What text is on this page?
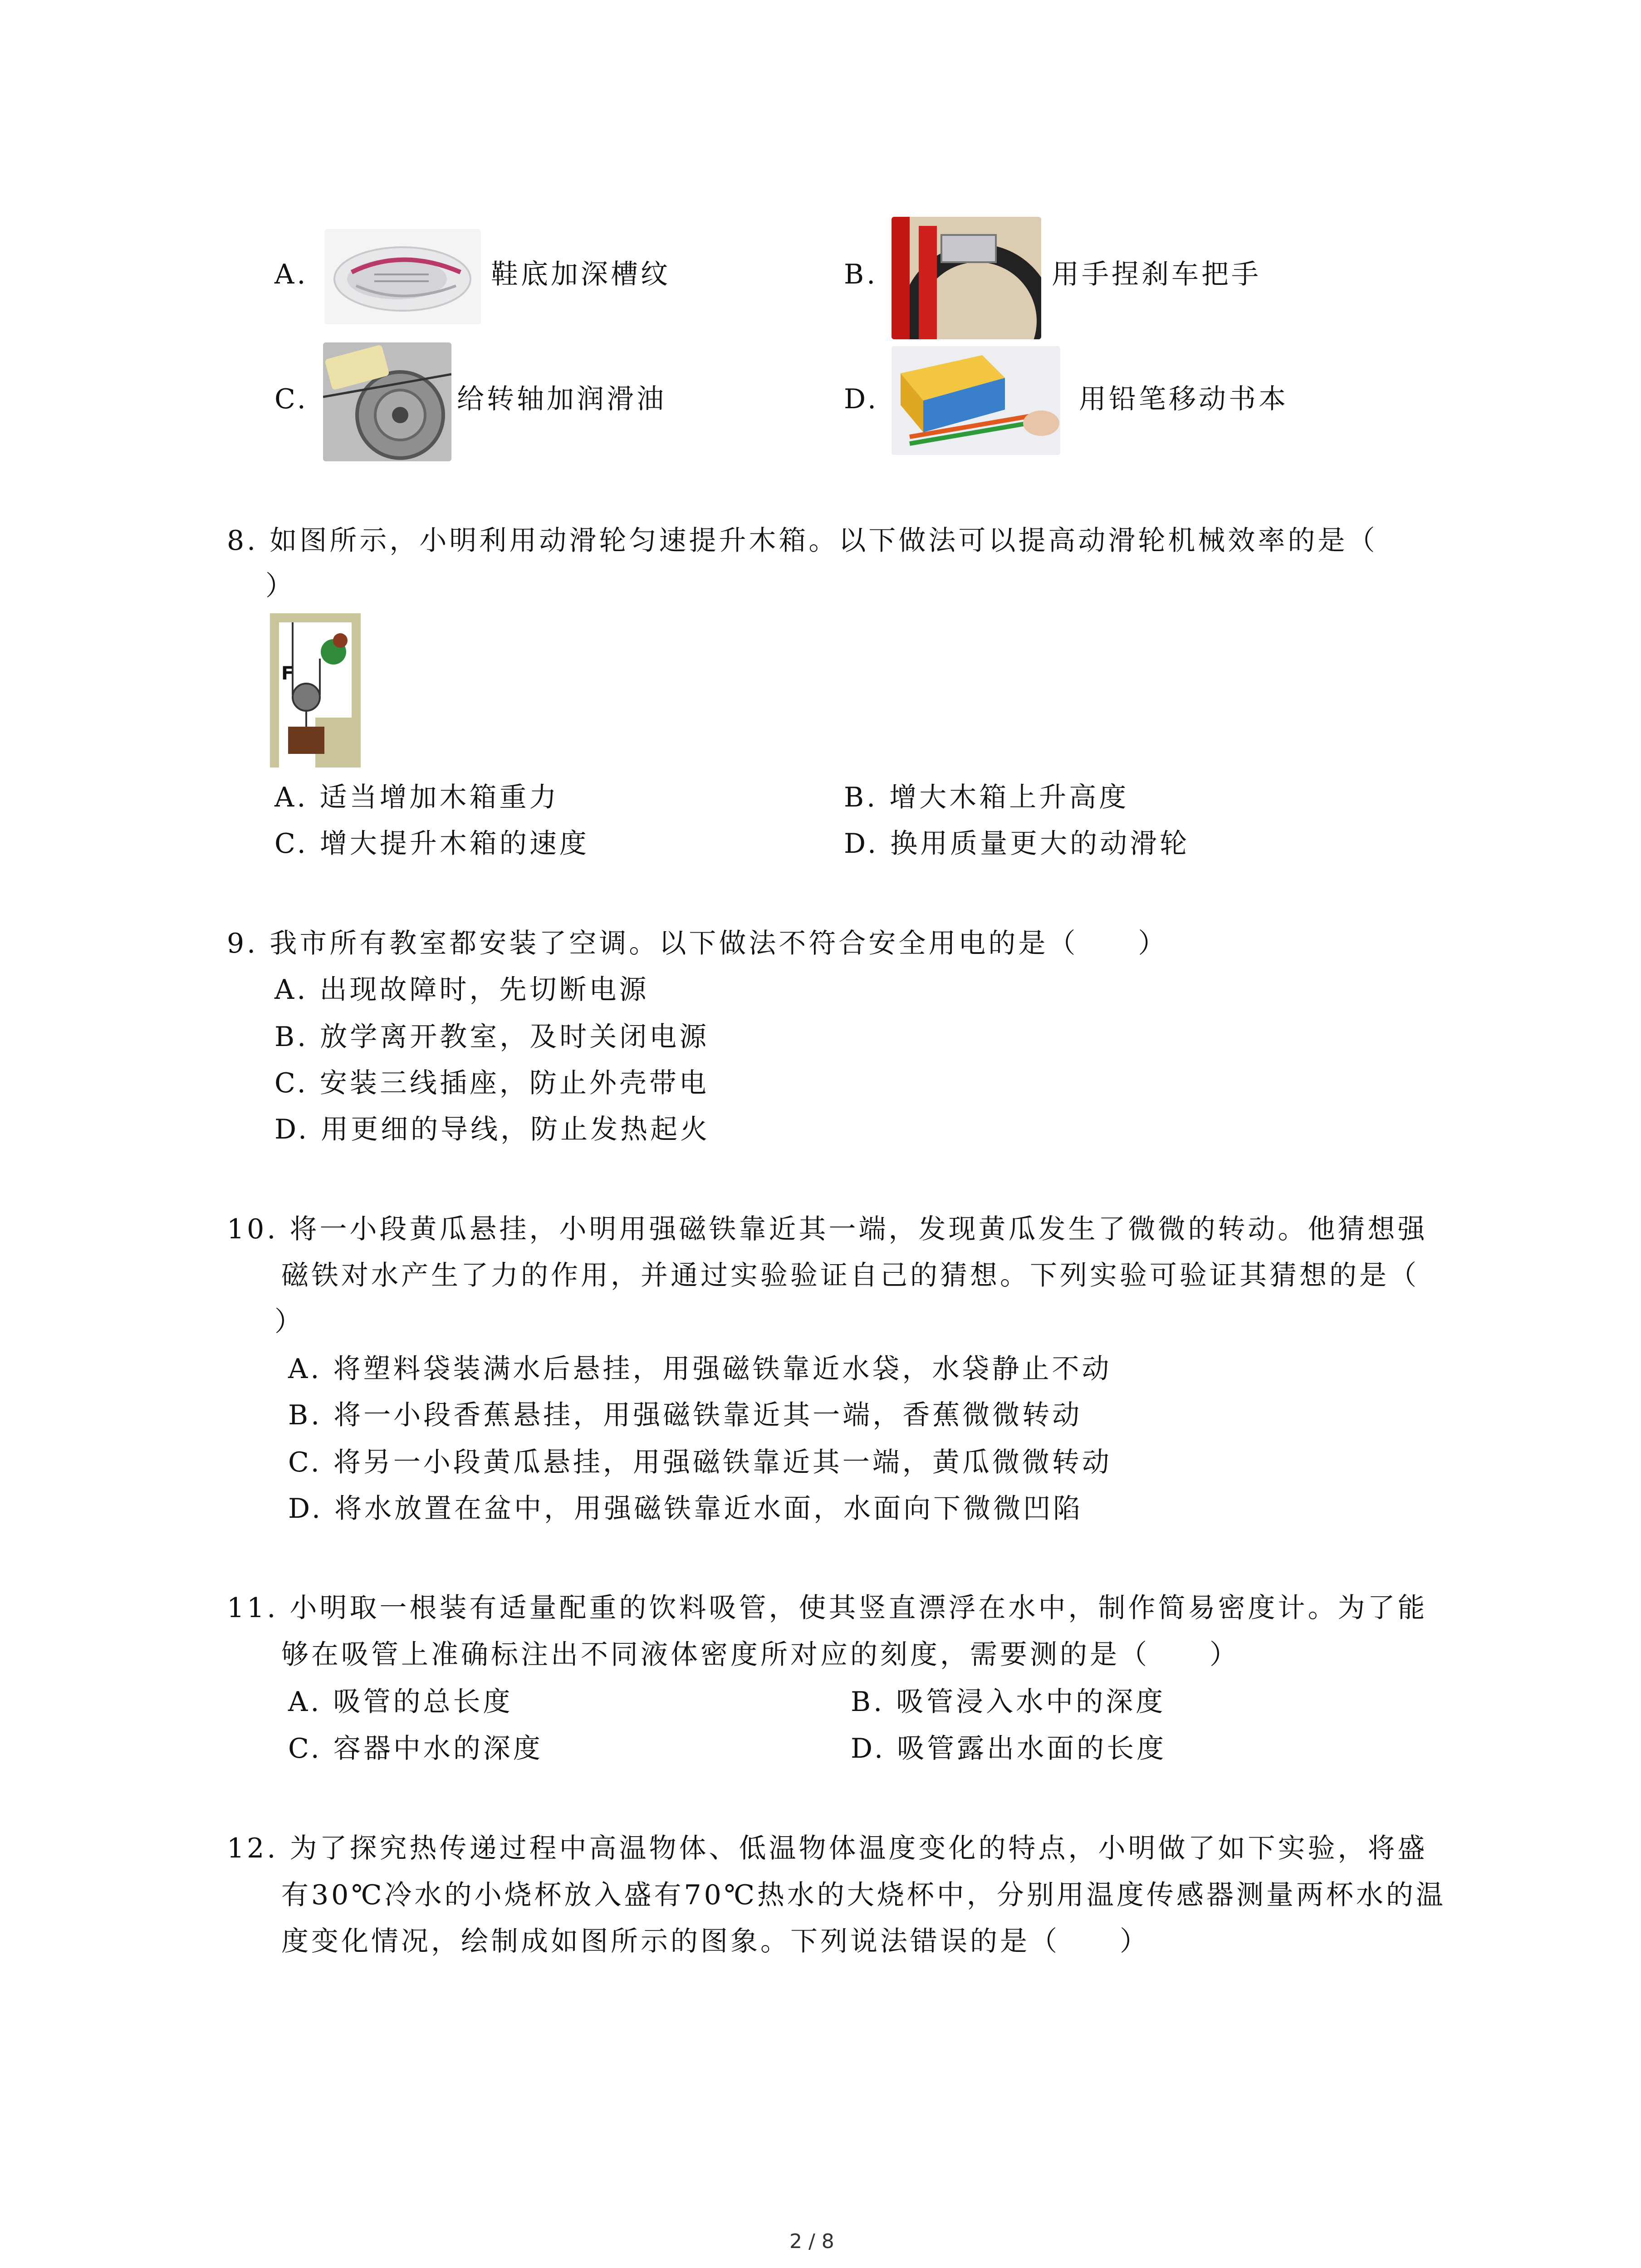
A.	鞋底加深槽纹	B.	用手捏刹车把手
C.	给转轴加润滑油	D.	用铅笔移动书本
8. 如图所示，小明利用动滑轮匀速提升木箱。以下做法可以提高动滑轮机械效率的是（
）
F
A. 适当增加木箱重力	B. 增大木箱上升高度
C. 增大提升木箱的速度	D. 换用质量更大的动滑轮
9. 我市所有教室都安装了空调。以下做法不符合安全用电的是（　　）
A. 出现故障时，先切断电源
B. 放学离开教室，及时关闭电源
C. 安装三线插座，防止外壳带电
D. 用更细的导线，防止发热起火
10. 将一小段黄瓜悬挂，小明用强磁铁靠近其一端，发现黄瓜发生了微微的转动。他猜想强
磁铁对水产生了力的作用，并通过实验验证自己的猜想。下列实验可验证其猜想的是（
）
A. 将塑料袋装满水后悬挂，用强磁铁靠近水袋，水袋静止不动
B. 将一小段香蕉悬挂，用强磁铁靠近其一端，香蕉微微转动
C. 将另一小段黄瓜悬挂，用强磁铁靠近其一端，黄瓜微微转动
D. 将水放置在盆中，用强磁铁靠近水面，水面向下微微凹陷
11. 小明取一根装有适量配重的饮料吸管，使其竖直漂浮在水中，制作简易密度计。为了能
够在吸管上准确标注出不同液体密度所对应的刻度，需要测的是（　　）
A. 吸管的总长度	B. 吸管浸入水中的深度
C. 容器中水的深度	D. 吸管露出水面的长度
12. 为了探究热传递过程中高温物体、低温物体温度变化的特点，小明做了如下实验，将盛
有30℃冷水的小烧杯放入盛有70℃热水的大烧杯中，分别用温度传感器测量两杯水的温
度变化情况，绘制成如图所示的图象。下列说法错误的是（　　）
2 / 8
